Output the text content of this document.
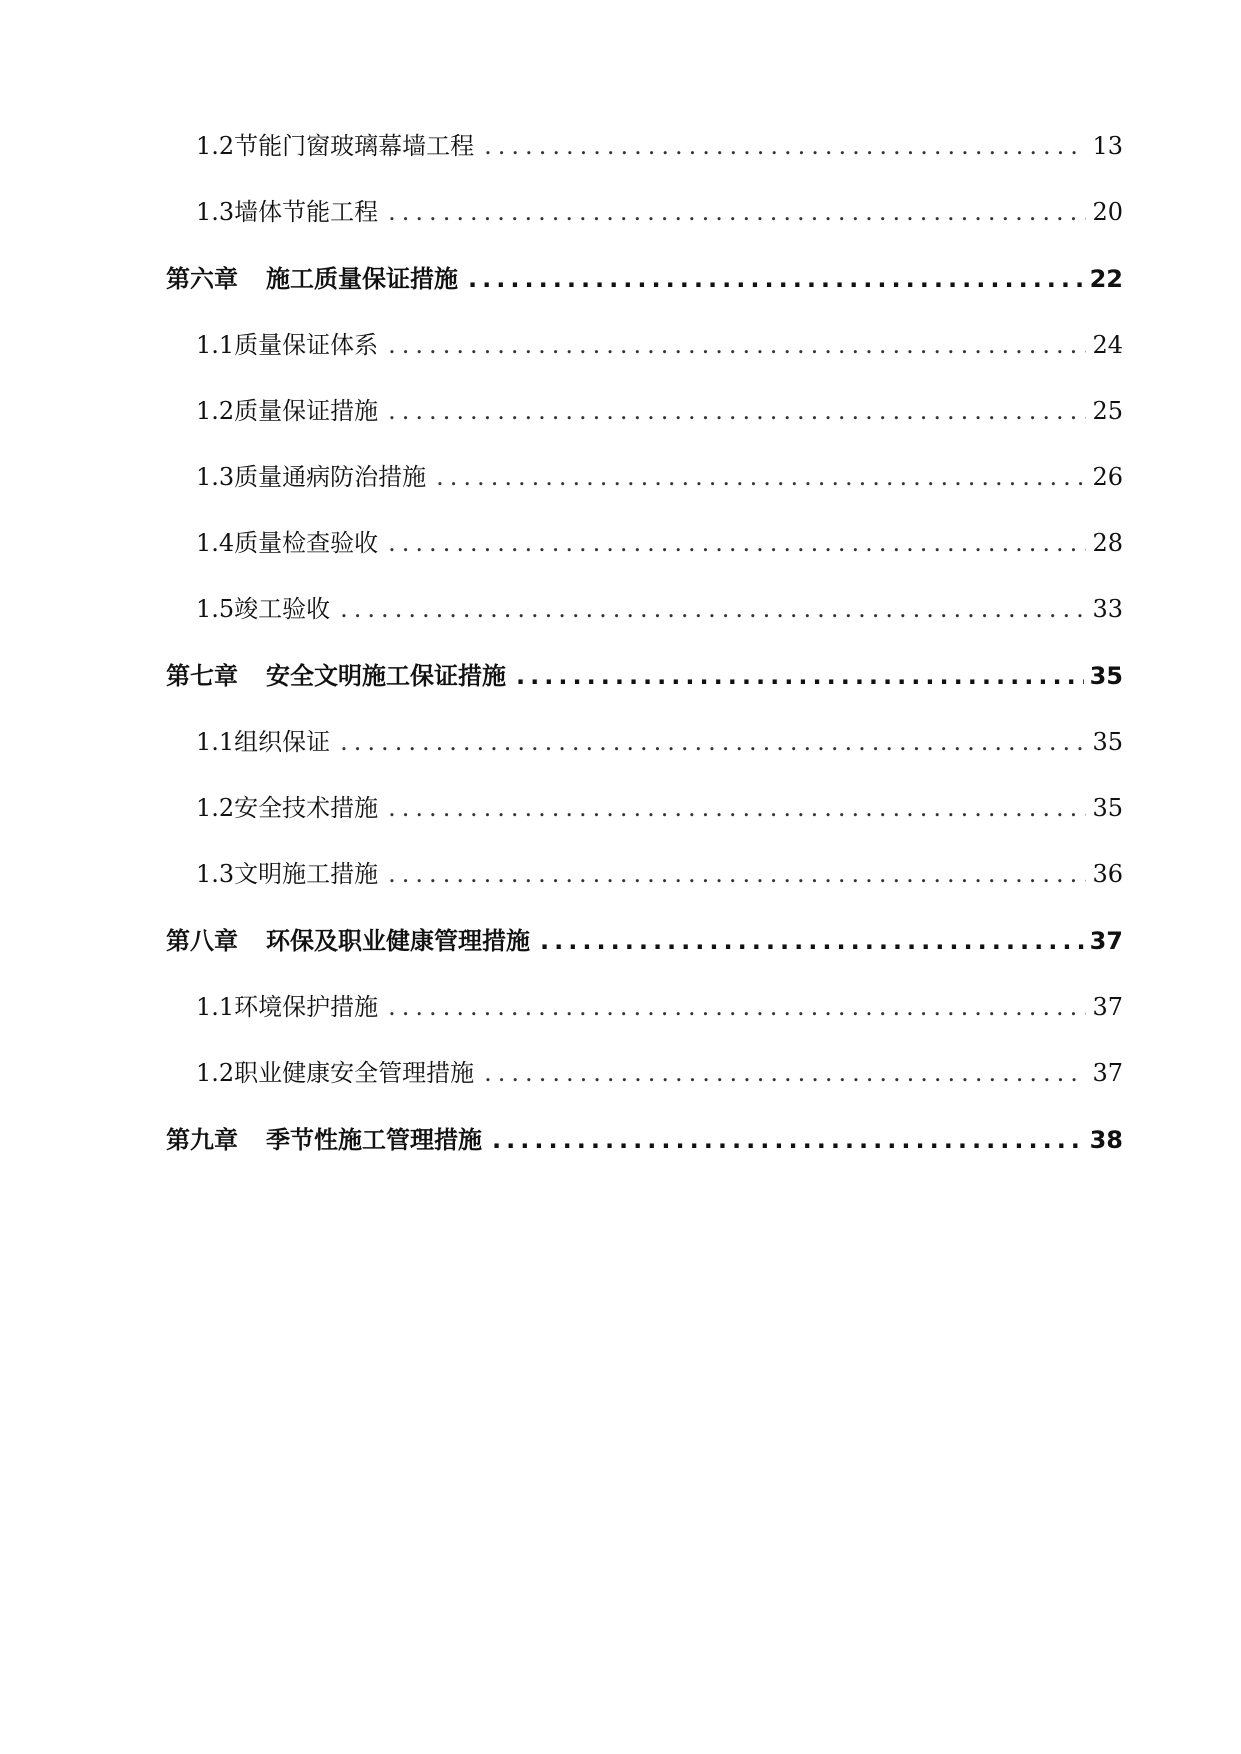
1.2 节能门窗玻璃幕墙工程 .....	13
1.3 墙体节能工程 .....	20
第六章 施工质量保证措施 .....	22
1.1 质量保证体系 .....	24
1.2 质量保证措施 .....	25
1.3 质量通病防治措施 .....	26
1.4 质量检查验收 .....	28
1.5 竣工验收 .....	33
第七章 安全文明施工保证措施 .....	35
1.1 组织保证 .....	35
1.2 安全技术措施 .....	35
1.3 文明施工措施 .....	36
第八章 环保及职业健康管理措施 .....	37
1.1 环境保护措施 .....	37
1.2 职业健康安全管理措施 .....	37
第九章 季节性施工管理措施 .....	38
